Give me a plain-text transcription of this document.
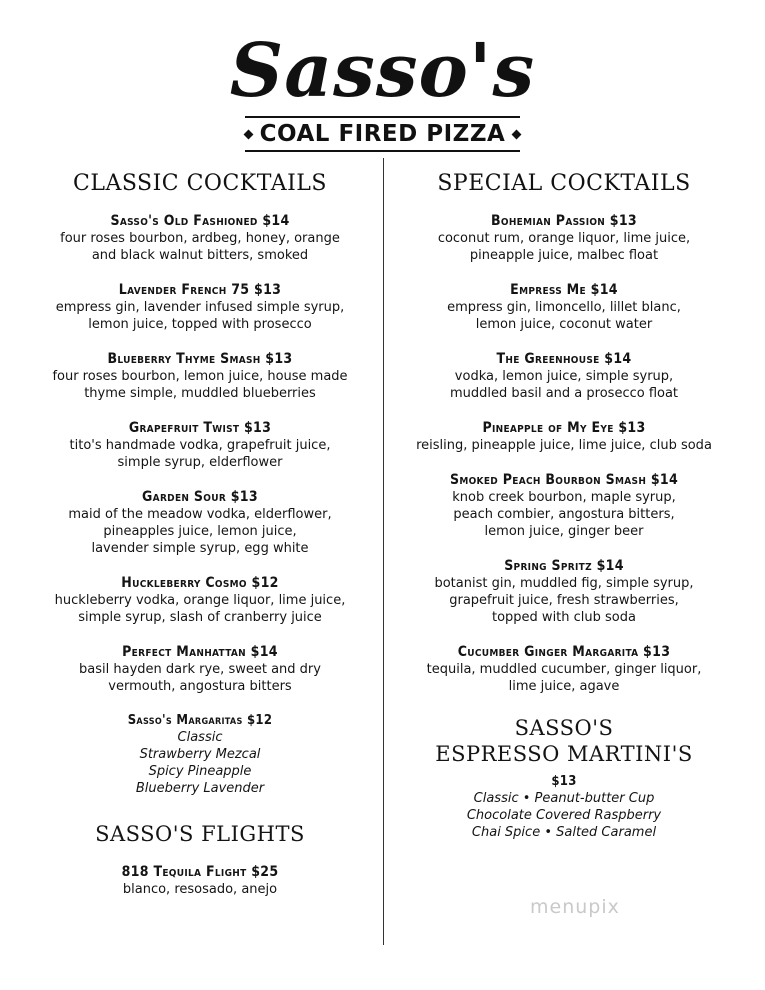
Sasso's
COAL FIRED PIZZA
CLASSIC COCKTAILS
Sasso's Old Fashioned $14
four roses bourbon, ardbeg, honey, orange
and black walnut bitters, smoked
Lavender French 75 $13
empress gin, lavender infused simple syrup,
lemon juice, topped with prosecco
Blueberry Thyme Smash $13
four roses bourbon, lemon juice, house made
thyme simple, muddled blueberries
Grapefruit Twist $13
tito's handmade vodka, grapefruit juice,
simple syrup, elderflower
Garden Sour $13
maid of the meadow vodka, elderflower,
pineapples juice, lemon juice,
lavender simple syrup, egg white
Huckleberry Cosmo $12
huckleberry vodka, orange liquor, lime juice,
simple syrup, slash of cranberry juice
Perfect Manhattan $14
basil hayden dark rye, sweet and dry
vermouth, angostura bitters
Sasso's Margaritas $12
Classic
Strawberry Mezcal
Spicy Pineapple
Blueberry Lavender
SASSO'S FLIGHTS
818 Tequila Flight $25
blanco, resosado, anejo
SPECIAL COCKTAILS
Bohemian Passion $13
coconut rum, orange liquor, lime juice,
pineapple juice, malbec float
Empress Me $14
empress gin, limoncello, lillet blanc,
lemon juice, coconut water
The Greenhouse $14
vodka, lemon juice, simple syrup,
muddled basil and a prosecco float
Pineapple of My Eye $13
reisling, pineapple juice, lime juice, club soda
Smoked Peach Bourbon Smash $14
knob creek bourbon, maple syrup,
peach combier, angostura bitters,
lemon juice, ginger beer
Spring Spritz $14
botanist gin, muddled fig, simple syrup,
grapefruit juice, fresh strawberries,
topped with club soda
Cucumber Ginger Margarita $13
tequila, muddled cucumber, ginger liquor,
lime juice, agave
SASSO'S
ESPRESSO MARTINI'S
$13
Classic • Peanut-butter Cup
Chocolate Covered Raspberry
Chai Spice • Salted Caramel
menupix
